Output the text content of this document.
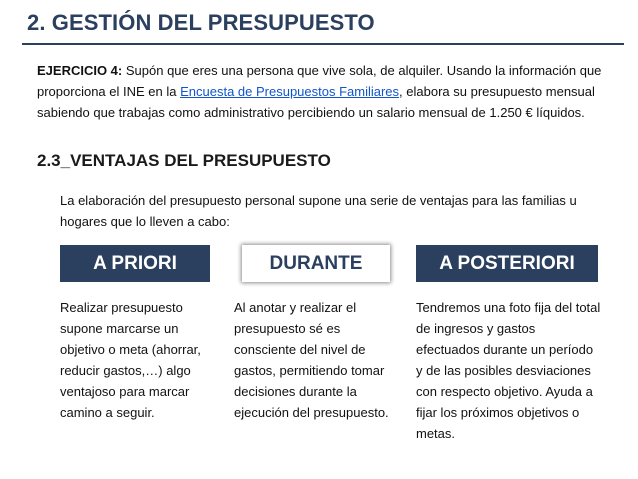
2. GESTIÓN DEL PRESUPUESTO
EJERCICIO 4: Supón que eres una persona que vive sola, de alquiler. Usando la información que proporciona el INE en la Encuesta de Presupuestos Familiares, elabora su presupuesto mensual sabiendo que trabajas como administrativo percibiendo un salario mensual de 1.250 € líquidos.
2.3_VENTAJAS DEL PRESUPUESTO
La elaboración del presupuesto personal supone una serie de ventajas para las familias u hogares que lo lleven a cabo:
A PRIORI	DURANTE	A POSTERIORI
Realizar presupuesto supone marcarse un objetivo o meta (ahorrar, reducir gastos,…) algo ventajoso para marcar camino a seguir.
Al anotar y realizar el presupuesto sé es consciente del nivel de gastos, permitiendo tomar decisiones durante la ejecución del presupuesto.
Tendremos una foto fija del total de ingresos y gastos efectuados durante un período y de las posibles desviaciones con respecto objetivo. Ayuda a fijar los próximos objetivos o metas.
